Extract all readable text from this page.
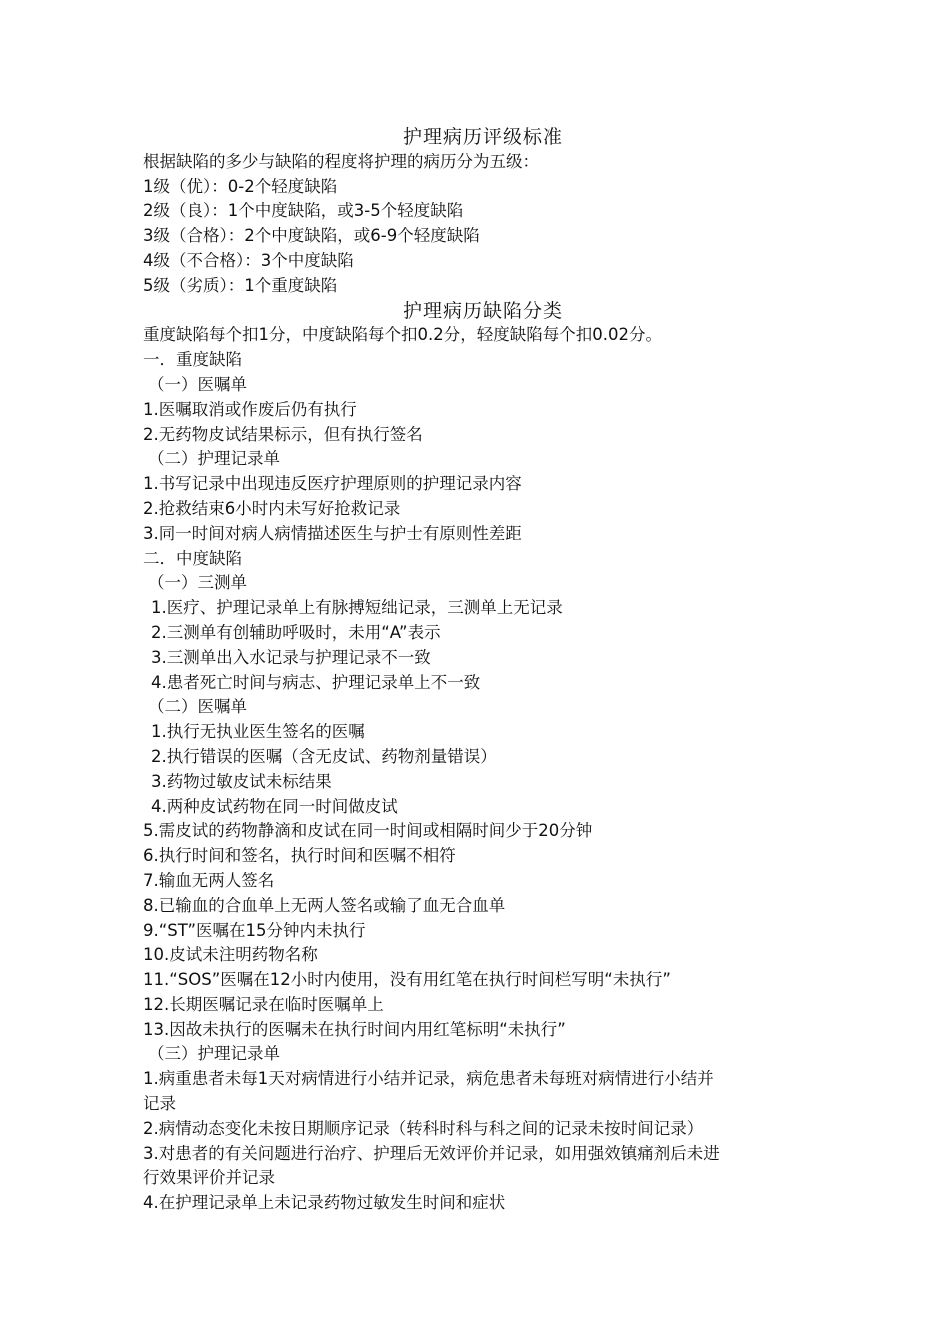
护理病历评级标准
根据缺陷的多少与缺陷的程度将护理的病历分为五级：
1级（优）：0-2个轻度缺陷
2级（良）：1个中度缺陷，或3-5个轻度缺陷
3级（合格）：2个中度缺陷，或6-9个轻度缺陷
4级（不合格）：3个中度缺陷
5级（劣质）：1个重度缺陷
护理病历缺陷分类
重度缺陷每个扣1分，中度缺陷每个扣0.2分，轻度缺陷每个扣0.02分。
一．重度缺陷
（一）医嘱单
1.医嘱取消或作废后仍有执行
2.无药物皮试结果标示，但有执行签名
（二）护理记录单
1.书写记录中出现违反医疗护理原则的护理记录内容
2.抢救结束6小时内未写好抢救记录
3.同一时间对病人病情描述医生与护士有原则性差距
二．中度缺陷
（一）三测单
1.医疗、护理记录单上有脉搏短绌记录，三测单上无记录
2.三测单有创辅助呼吸时，未用“A”表示
3.三测单出入水记录与护理记录不一致
4.患者死亡时间与病志、护理记录单上不一致
（二）医嘱单
1.执行无执业医生签名的医嘱
2.执行错误的医嘱（含无皮试、药物剂量错误）
3.药物过敏皮试未标结果
4.两种皮试药物在同一时间做皮试
5.需皮试的药物静滴和皮试在同一时间或相隔时间少于20分钟
6.执行时间和签名，执行时间和医嘱不相符
7.输血无两人签名
8.已输血的合血单上无两人签名或输了血无合血单
9.“ST”医嘱在15分钟内未执行
10.皮试未注明药物名称
11.“SOS”医嘱在12小时内使用，没有用红笔在执行时间栏写明“未执行”
12.长期医嘱记录在临时医嘱单上
13.因故未执行的医嘱未在执行时间内用红笔标明“未执行”
（三）护理记录单
1.病重患者未每1天对病情进行小结并记录，病危患者未每班对病情进行小结并
记录
2.病情动态变化未按日期顺序记录（转科时科与科之间的记录未按时间记录）
3.对患者的有关问题进行治疗、护理后无效评价并记录，如用强效镇痛剂后未进
行效果评价并记录
4.在护理记录单上未记录药物过敏发生时间和症状
